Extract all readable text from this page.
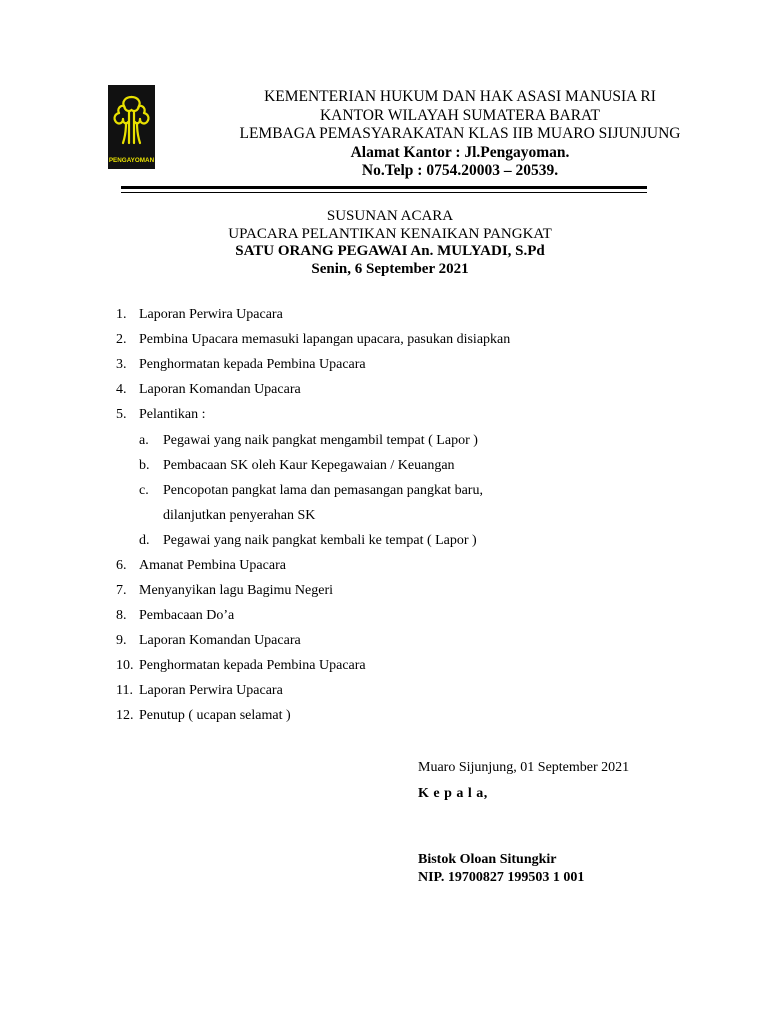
PENGAYOMAN
KEMENTERIAN HUKUM DAN HAK ASASI MANUSIA RI
KANTOR WILAYAH SUMATERA BARAT
LEMBAGA PEMASYARAKATAN KLAS IIB MUARO SIJUNJUNG
Alamat Kantor : Jl.Pengayoman.
No.Telp : 0754.20003 – 20539.
SUSUNAN ACARA
UPACARA PELANTIKAN KENAIKAN PANGKAT
SATU ORANG PEGAWAI An. MULYADI, S.Pd
Senin, 6 September 2021
1. Laporan Perwira Upacara
2. Pembina Upacara memasuki lapangan upacara, pasukan disiapkan
3. Penghormatan kepada Pembina Upacara
4. Laporan Komandan Upacara
5. Pelantikan :
a.	Pegawai yang naik pangkat mengambil tempat ( Lapor )
b. Pembacaan SK oleh Kaur Kepegawaian / Keuangan
c.	Pencopotan pangkat lama dan pemasangan pangkat baru,
dilanjutkan penyerahan SK
d. Pegawai yang naik pangkat kembali ke tempat ( Lapor )
6. Amanat Pembina Upacara
7. Menyanyikan lagu Bagimu Negeri
8. Pembacaan Do’a
9. Laporan Komandan Upacara
10. Penghormatan kepada Pembina Upacara
11. Laporan Perwira Upacara
12. Penutup ( ucapan selamat )
Muaro Sijunjung, 01 September 2021
K e p a l a,
Bistok Oloan Situngkir
NIP. 19700827 199503 1 001
